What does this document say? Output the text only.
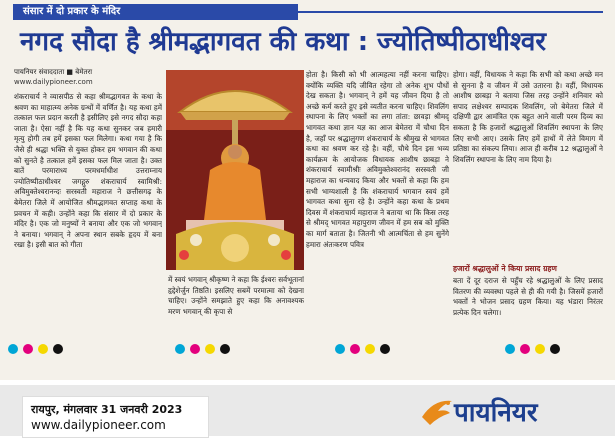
संसार में दो प्रकार के मंदिर
नगद सौदा है श्रीमद्भागवत की कथा : ज्योतिष्पीठाधीश्वर
पायनियर संवाददाता ■ बेमेतरा
www.dailypioneer.com
शंकराचार्य ने व्यासपीठ से कहा श्रीमद्भागवत के कथा के श्रवण का माहात्म्य अनेक ग्रन्थों में वर्णित है। यह कथा हमें तत्काल फल प्रदान करती है इसीलिए इसे नगद सौदा कहा जाता है। ऐसा नहीं है कि यह कथा सुनकर जब हमारी मृत्यु होगी तब हमें इसका फल मिलेगा। कथा गया है कि जैसे ही श्रद्धा भक्ति से युक्त होकर हम भगवान की कथा को सुनते है तत्काल हमें इसका फल मिल जाता है। उक्त बातें परमाराध्य परमधर्माधीश उत्तराम्नाय ज्योतिष्पीठाधीश्वर जगद्गुरु शंकराचार्य स्वामिश्री: अविमुक्तेश्वरानन्दः सरस्वती महाराज ने छत्तीसगढ़ के बेमेतरा जिले में आयोजित श्रीमद्भागवत सप्ताह कथा के प्रवचन में कही। उन्होंने कहा कि संसार में दो प्रकार के मंदिर है। एक जो मनुष्यों ने बनाया और एक जो भगवान् ने बनाया। भगवान् ने अपना स्थान सबके हृदय में बना रखा है। इसी बात को गीता
में स्वयं भगवान् श्रीकृष्ण ने कहा कि ईश्वरः सर्वभूतानां हृद्देशेर्जुन तिष्ठति। इसलिए सबमें परमात्मा को देखना चाहिए। उन्होंने समझाते हुए कहा कि अनावश्यक मरण भगवान् की कृपा से
होता है। किसी को भी आत्महत्या नहीं करना चाहिए। क्योंकि व्यक्ति यदि जीवित रहेगा तो अनेक शुभ पौधों देख सकता है। भगवान् ने हमें यह जीवन दिया है तो अच्छे कर्म करते हुए इसे व्यतीत करना चाहिए। शिवलिंग स्थापना के लिए भक्तों का लगा तांता: छावड़ा श्रीमद् भागवत कथा ज्ञान यज्ञ का आज बेमेतरा में चौथा दिन है, जहाँ पर श्रद्धालुगण शंकराचार्य के श्रीमुख से भागवत कथा का श्रवण कर रहे है। वहीं, चौथे दिन इस भव्य कार्यक्रम के आयोजक विधायक आशीष छाबड़ा ने शंकराचार्य स्वामीश्रीः अविमुक्तेश्वरानंद सरस्वती जी महाराज का धन्यवाद किया और भक्तों से कहा कि हम सभी भाग्यशाली है कि शंकराचार्य भगवान स्वयं हमें भागवत कथा सुना रहे है। उन्होंने कहा कथा के प्रथम दिवस में शंकराचार्य महाराज ने बताया था कि किस तरह से श्रीमद् भागवत महापुराण जीवन में हम सब को मुक्ति का मार्ग बताता है। जितनी भी आत्मचिंता से हम सुनेंगे हमारा अंतःकरण पवित्र
होगा। वहीं, विधायक ने कहा कि सभी को कथा अच्छे मन से सुनना है व जीवन में उसे उतारना है। वहीं, विधायक आशीष छाबड़ा ने बताया जिस तरह उन्होंने शनिवार को सपाद लक्षेश्वर सम्पादक शिवलिंग, जो बेमेतरा जिले में दक्षिणी द्वार आमंत्रित एक बहुत आने वाली परम दिव्य का सकता है कि हजारों श्रद्धालुओं शिवलिंग स्थापना के लिए लिए सभी आए। उसके लिए हमें हाथों में लेते विमाग में प्रतिष्ठा का संकल्प लिया। आज ही करीब 12 श्रद्धालुओं ने शिवलिंग स्थापना के लिए नाम दिया है।
हजारों श्रद्धालुओं ने किया प्रसाद ग्रहण
बता दें दूर दराज से पहुँच रहे श्रद्धालुओं के लिए प्रसाद वितरण की व्यवस्था पहले से ही की गयी है। जिसमें हजारों भक्तों ने भोजन प्रसाद ग्रहण किया। यह भंडारा निरंतर प्रत्येक दिन चलेगा।
रायपुर, मंगलवार 31 जनवरी 2023
www.dailypioneer.com	पायनियर
